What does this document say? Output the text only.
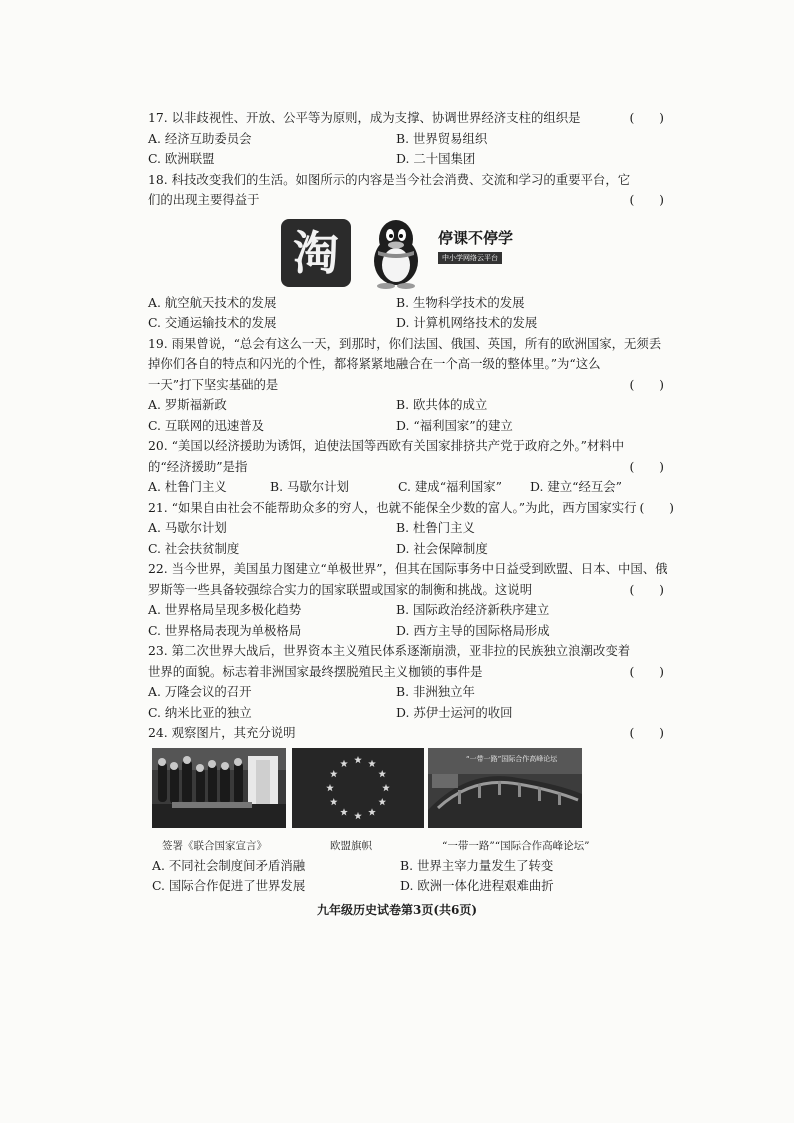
17. 以非歧视性、开放、公平等为原则，成为支撑、协调世界经济支柱的组织是	(　　)
A. 经济互助委员会	B. 世界贸易组织
C. 欧洲联盟	D. 二十国集团
18. 科技改变我们的生活。如图所示的内容是当今社会消费、交流和学习的重要平台，它
们的出现主要得益于	(　　)
淘	停课不停学
中小学网络云平台
A. 航空航天技术的发展	B. 生物科学技术的发展
C. 交通运输技术的发展	D. 计算机网络技术的发展
19. 雨果曾说，“总会有这么一天，到那时，你们法国、俄国、英国，所有的欧洲国家，无须丢
掉你们各自的特点和闪光的个性，都将紧紧地融合在一个高一级的整体里。”为“这么
一天”打下坚实基础的是	(　　)
A. 罗斯福新政	B. 欧共体的成立
C. 互联网的迅速普及	D. “福利国家”的建立
20. “美国以经济援助为诱饵，迫使法国等西欧有关国家排挤共产党于政府之外。”材料中
的“经济援助”是指	(　　)
A. 杜鲁门主义	B. 马歇尔计划	C. 建成“福利国家”	D. 建立“经互会”
21. “如果自由社会不能帮助众多的穷人，也就不能保全少数的富人。”为此，西方国家实行 (　　)
A. 马歇尔计划	B. 杜鲁门主义
C. 社会扶贫制度	D. 社会保障制度
22. 当今世界，美国虽力图建立“单极世界”，但其在国际事务中日益受到欧盟、日本、中国、俄
罗斯等一些具备较强综合实力的国家联盟或国家的制衡和挑战。这说明	(　　)
A. 世界格局呈现多极化趋势	B. 国际政治经济新秩序建立
C. 世界格局表现为单极格局	D. 西方主导的国际格局形成
23. 第二次世界大战后，世界资本主义殖民体系逐渐崩溃，亚非拉的民族独立浪潮改变着
世界的面貌。标志着非洲国家最终摆脱殖民主义枷锁的事件是	(　　)
A. 万隆会议的召开	B. 非洲独立年
C. 纳米比亚的独立	D. 苏伊士运河的收回
24. 观察图片，其充分说明	(　　)
“一带一路”国际合作高峰论坛
签署《联合国家宣言》	欧盟旗帜	“一带一路”“国际合作高峰论坛”
A. 不同社会制度间矛盾消融	B. 世界主宰力量发生了转变
C. 国际合作促进了世界发展	D. 欧洲一体化进程艰难曲折
九年级历史试卷第3页(共6页)
